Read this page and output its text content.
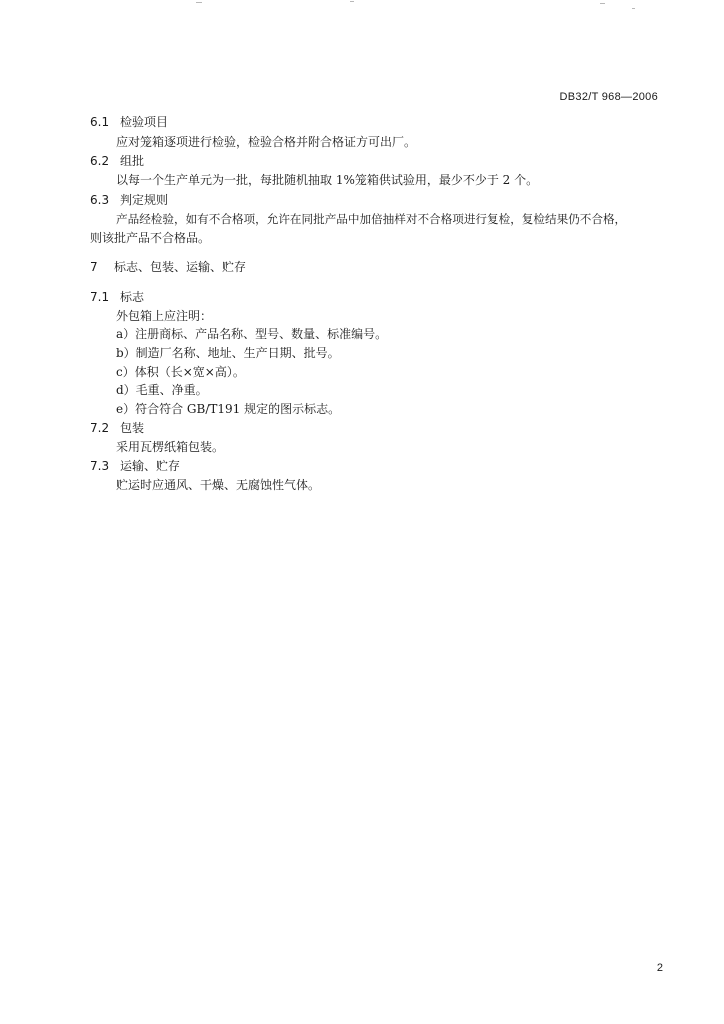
DB32/T 968—2006
6.1 检验项目
应对笼箱逐项进行检验，检验合格并附合格证方可出厂。
6.2 组批
以每一个生产单元为一批，每批随机抽取 1%笼箱供试验用，最少不少于 2 个。
6.3 判定规则
产品经检验，如有不合格项，允许在同批产品中加倍抽样对不合格项进行复检，复检结果仍不合格，
则该批产品不合格品。
7 标志、包装、运输、贮存
7.1 标志
外包箱上应注明：
a）注册商标、产品名称、型号、数量、标准编号。
b）制造厂名称、地址、生产日期、批号。
c）体积（长×宽×高）。
d）毛重、净重。
e）符合符合 GB/T191 规定的图示标志。
7.2 包装
采用瓦楞纸箱包装。
7.3 运输、贮存
贮运时应通风、干燥、无腐蚀性气体。
2
